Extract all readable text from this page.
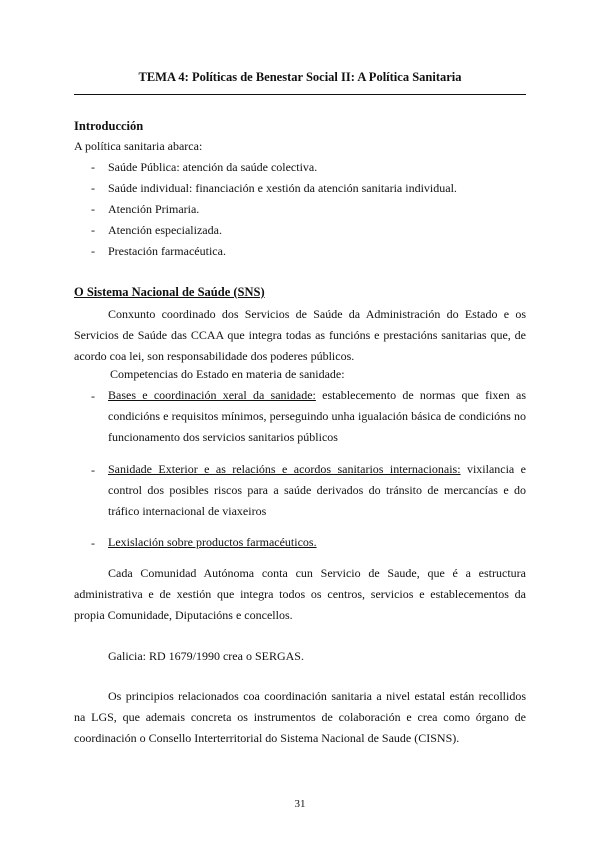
TEMA 4: Políticas de Benestar Social II: A Política Sanitaria
Introducción
A política sanitaria abarca:
- Saúde Pública: atención da saúde colectiva.
- Saúde individual: financiación e xestión da atención sanitaria individual.
- Atención Primaria.
- Atención especializada.
- Prestación farmacéutica.
O Sistema Nacional de Saúde (SNS)
Conxunto coordinado dos Servicios de Saúde da Administración do Estado e os Servicios de Saúde das CCAA que integra todas as funcións e prestacións sanitarias que, de acordo coa lei, son responsabilidade dos poderes públicos.
Competencias do Estado en materia de sanidade:
- Bases e coordinación xeral da sanidade: establecemento de normas que fixen as condicións e requisitos mínimos, perseguindo unha igualación básica de condicións no funcionamento dos servicios sanitarios públicos
- Sanidade Exterior e as relacións e acordos sanitarios internacionais: vixilancia e control dos posibles riscos para a saúde derivados do tránsito de mercancías e do tráfico internacional de viaxeiros
- Lexislación sobre productos farmacéuticos.
Cada Comunidad Autónoma conta cun Servicio de Saude, que é a estructura administrativa e de xestión que integra todos os centros, servicios e establecementos da propia Comunidade, Diputacións e concellos.
Galicia: RD 1679/1990 crea o SERGAS.
Os principios relacionados coa coordinación sanitaria a nivel estatal están recollidos na LGS, que ademais concreta os instrumentos de colaboración e crea como órgano de coordinación o Consello Interterritorial do Sistema Nacional de Saude (CISNS).
31
